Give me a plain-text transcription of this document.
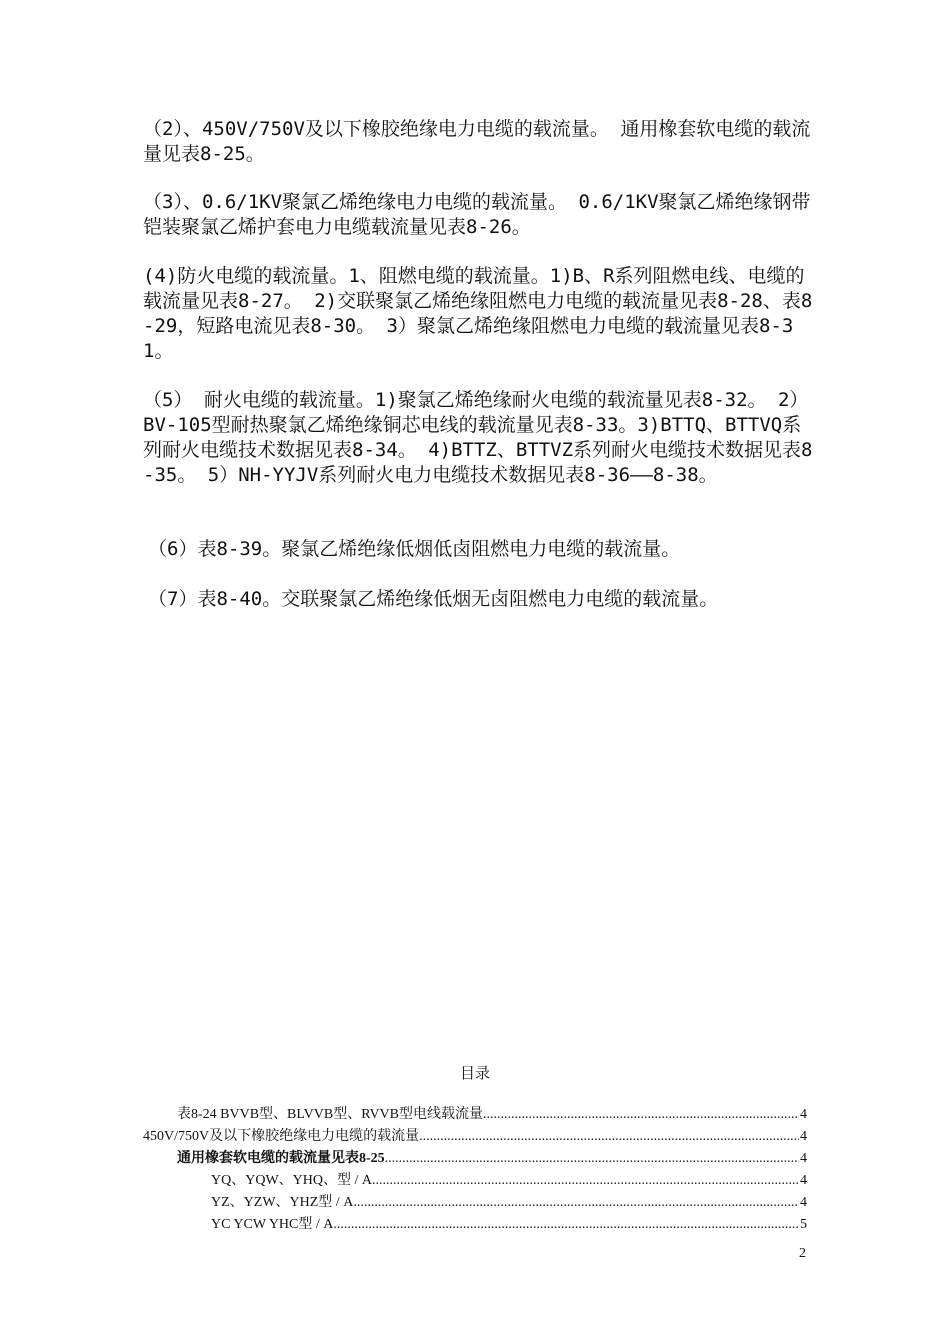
（2）、450V/750V及以下橡胶绝缘电力电缆的载流量。 通用橡套软电缆的载流量见表8-25。

（3）、0.6/1KV聚氯乙烯绝缘电力电缆的载流量。 0.6/1KV聚氯乙烯绝缘钢带铠装聚氯乙烯护套电力电缆载流量见表8-26。

(4)防火电缆的载流量。1、阻燃电缆的载流量。1)B、R系列阻燃电线、电缆的载流量见表8-27。 2)交联聚氯乙烯绝缘阻燃电力电缆的载流量见表8-28、表8-29，短路电流见表8-30。 3）聚氯乙烯绝缘阻燃电力电缆的载流量见表8-31。

（5） 耐火电缆的载流量。1)聚氯乙烯绝缘耐火电缆的载流量见表8-32。 2）BV-105型耐热聚氯乙烯绝缘铜芯电线的载流量见表8-33。3)BTTQ、BTTVQ系列耐火电缆技术数据见表8-34。 4)BTTZ、BTTVZ系列耐火电缆技术数据见表8-35。 5）NH-YYJV系列耐火电力电缆技术数据见表8-36——8-38。

（6）表8-39。聚氯乙烯绝缘低烟低卤阻燃电力电缆的载流量。

（7）表8-40。交联聚氯乙烯绝缘低烟无卤阻燃电力电缆的载流量。

目录
表8-24 BVVB型、BLVVB型、RVVB型电线载流量 .....	4
450V/750V及以下橡胶绝缘电力电缆的载流量 .....	4
通用橡套软电缆的载流量见表8-25 .....	4
YQ、YQW、YHQ、型 / A .....	4
YZ、YZW、YHZ型 / A .....	4
YC YCW YHC型 / A .....	5
2
